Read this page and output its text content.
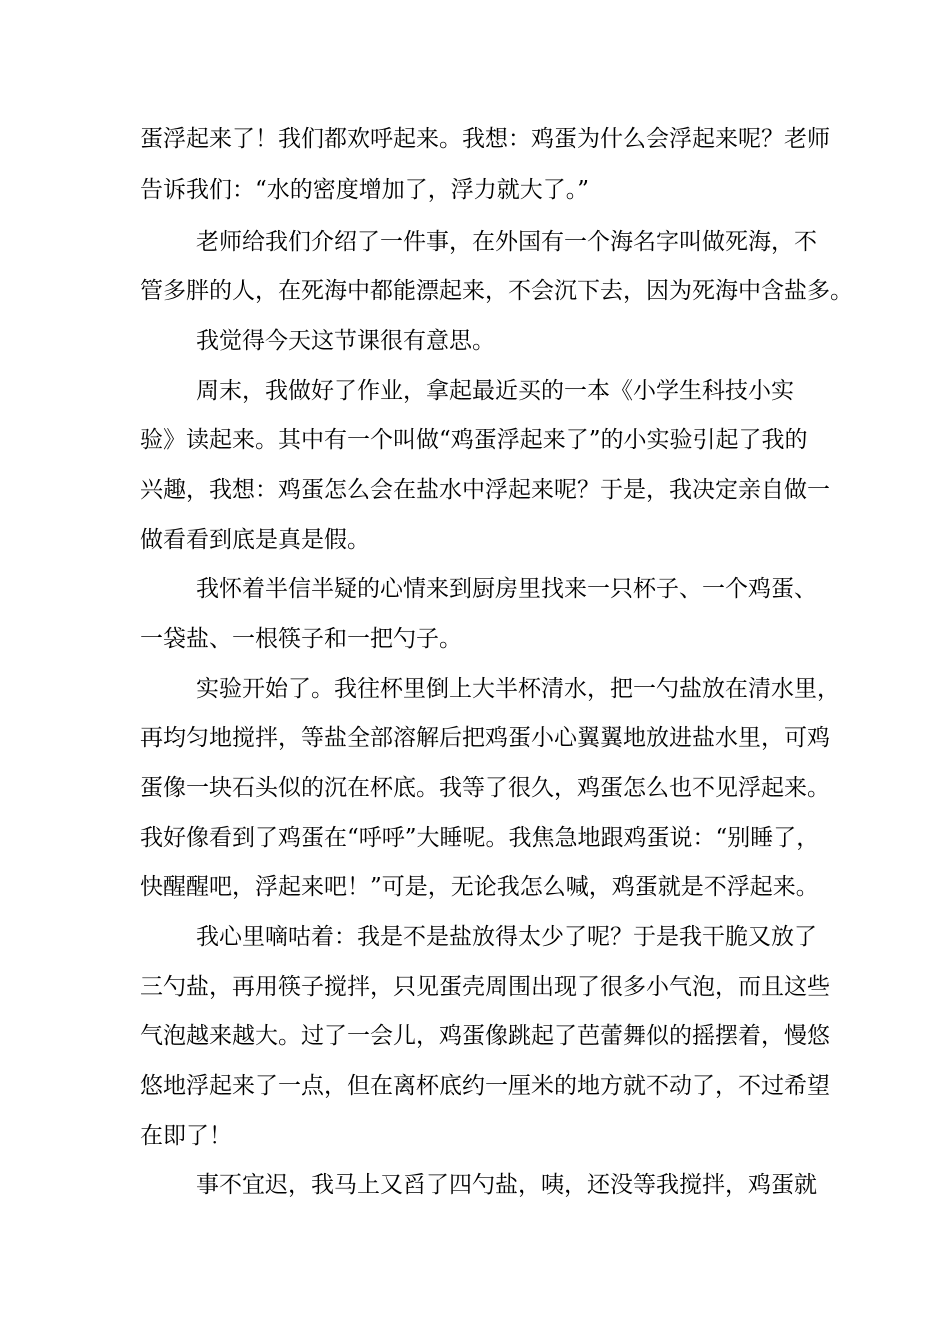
蛋浮起来了！我们都欢呼起来。我想：鸡蛋为什么会浮起来呢？老师
告诉我们：“水的密度增加了，浮力就大了。”
老师给我们介绍了一件事，在外国有一个海名字叫做死海，不
管多胖的人，在死海中都能漂起来，不会沉下去，因为死海中含盐多。
我觉得今天这节课很有意思。
周末，我做好了作业，拿起最近买的一本《小学生科技小实
验》读起来。其中有一个叫做“鸡蛋浮起来了”的小实验引起了我的
兴趣，我想：鸡蛋怎么会在盐水中浮起来呢？于是，我决定亲自做一
做看看到底是真是假。
我怀着半信半疑的心情来到厨房里找来一只杯子、一个鸡蛋、
一袋盐、一根筷子和一把勺子。
实验开始了。我往杯里倒上大半杯清水，把一勺盐放在清水里，
再均匀地搅拌，等盐全部溶解后把鸡蛋小心翼翼地放进盐水里，可鸡
蛋像一块石头似的沉在杯底。我等了很久，鸡蛋怎么也不见浮起来。
我好像看到了鸡蛋在“呼呼”大睡呢。我焦急地跟鸡蛋说：“别睡了，
快醒醒吧，浮起来吧！”可是，无论我怎么喊，鸡蛋就是不浮起来。
我心里嘀咕着：我是不是盐放得太少了呢？于是我干脆又放了
三勺盐，再用筷子搅拌，只见蛋壳周围出现了很多小气泡，而且这些
气泡越来越大。过了一会儿，鸡蛋像跳起了芭蕾舞似的摇摆着，慢悠
悠地浮起来了一点，但在离杯底约一厘米的地方就不动了，不过希望
在即了！
事不宜迟，我马上又舀了四勺盐，咦，还没等我搅拌，鸡蛋就
